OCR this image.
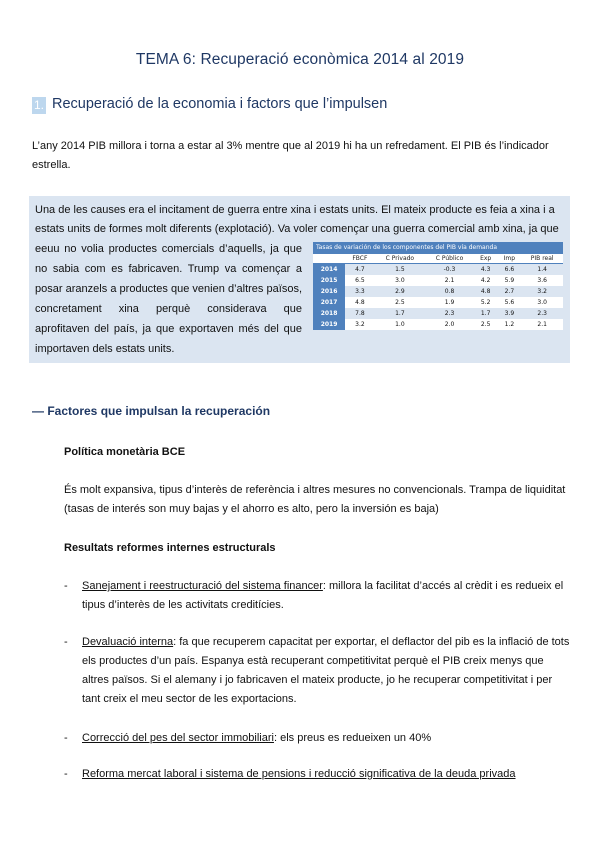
TEMA 6: Recuperació econòmica 2014 al 2019
1. Recuperació de la economia i factors que l’impulsen
L’any 2014 PIB millora i torna a estar al 3% mentre que al 2019 hi ha un refredament. El PIB és l’indicador estrella.
Una de les causes era el incitament de guerra entre xina i estats units. El mateix producte es feia a xina i a estats units de formes molt diferents (explotació). Va voler començar una guerra comercial amb xina, ja que
eeuu no volia productes comercials d’aquells, ja que no sabia com es fabricaven. Trump va començar a posar aranzels a productes que venien d’altres països, concretament xina perquè considerava que aprofitaven del país, ja que exportaven més del que importaven dels estats units.
Tasas de variación de los componentes del PIB vía demanda						
	FBCF	C Privado	C Público	Exp	Imp	PIB real
2014	4.7	1.5	-0.3	4.3	6.6	1.4
2015	6.5	3.0	2.1	4.2	5.9	3.6
2016	3.3	2.9	0.8	4.8	2.7	3.2
2017	4.8	2.5	1.9	5.2	5.6	3.0
2018	7.8	1.7	2.3	1.7	3.9	2.3
2019	3.2	1.0	2.0	2.5	1.2	2.1
— Factores que impulsan la recuperación
Política monetària BCE
És molt expansiva, tipus d’interès de referència i altres mesures no convencionals. Trampa de liquiditat (tasas de interés son muy bajas y el ahorro es alto, pero la inversión es baja)
Resultats reformes internes estructurals
- Sanejament i reestructuració del sistema financer: millora la facilitat d’accés al crèdit i es redueix el tipus d’interès de les activitats creditícies.
- Devaluació interna: fa que recuperem capacitat per exportar, el deflactor del pib es la inflació de tots els productes d’un país. Espanya està recuperant competitivitat perquè el PIB creix menys que altres països. Si el alemany i jo fabricaven el mateix producte, jo he recuperar competitivitat i per tant creix el meu sector de les exportacions.
- Correcció del pes del sector immobiliari: els preus es redueixen un 40%
- Reforma mercat laboral i sistema de pensions i reducció significativa de la deuda privada
